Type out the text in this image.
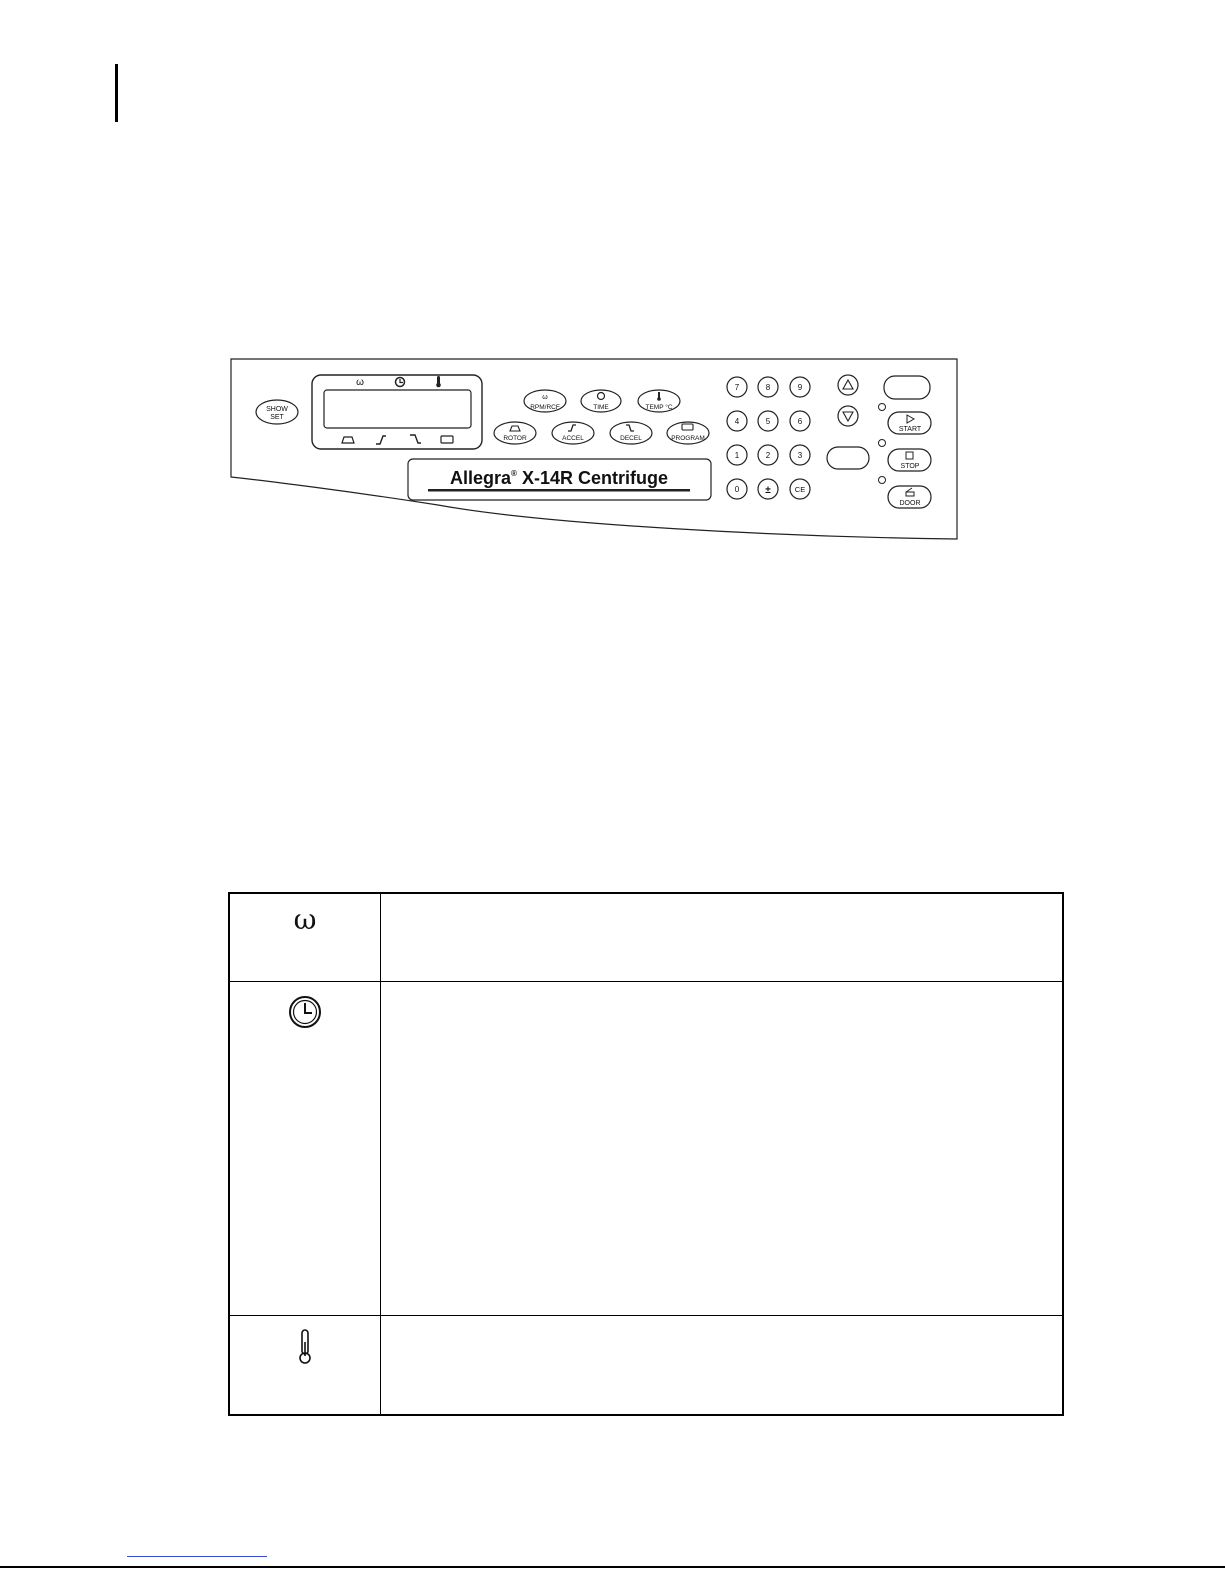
SHOW
SET
ω
ω
RPM/RCF	TIME	TEMP °C
ROTOR	ACCEL	DECEL	PROGRAM
Allegra® X-14R Centrifuge
7	8	9
4	5	6
1	2	3
0	±	CE
START
STOP
DOOR
ω	
